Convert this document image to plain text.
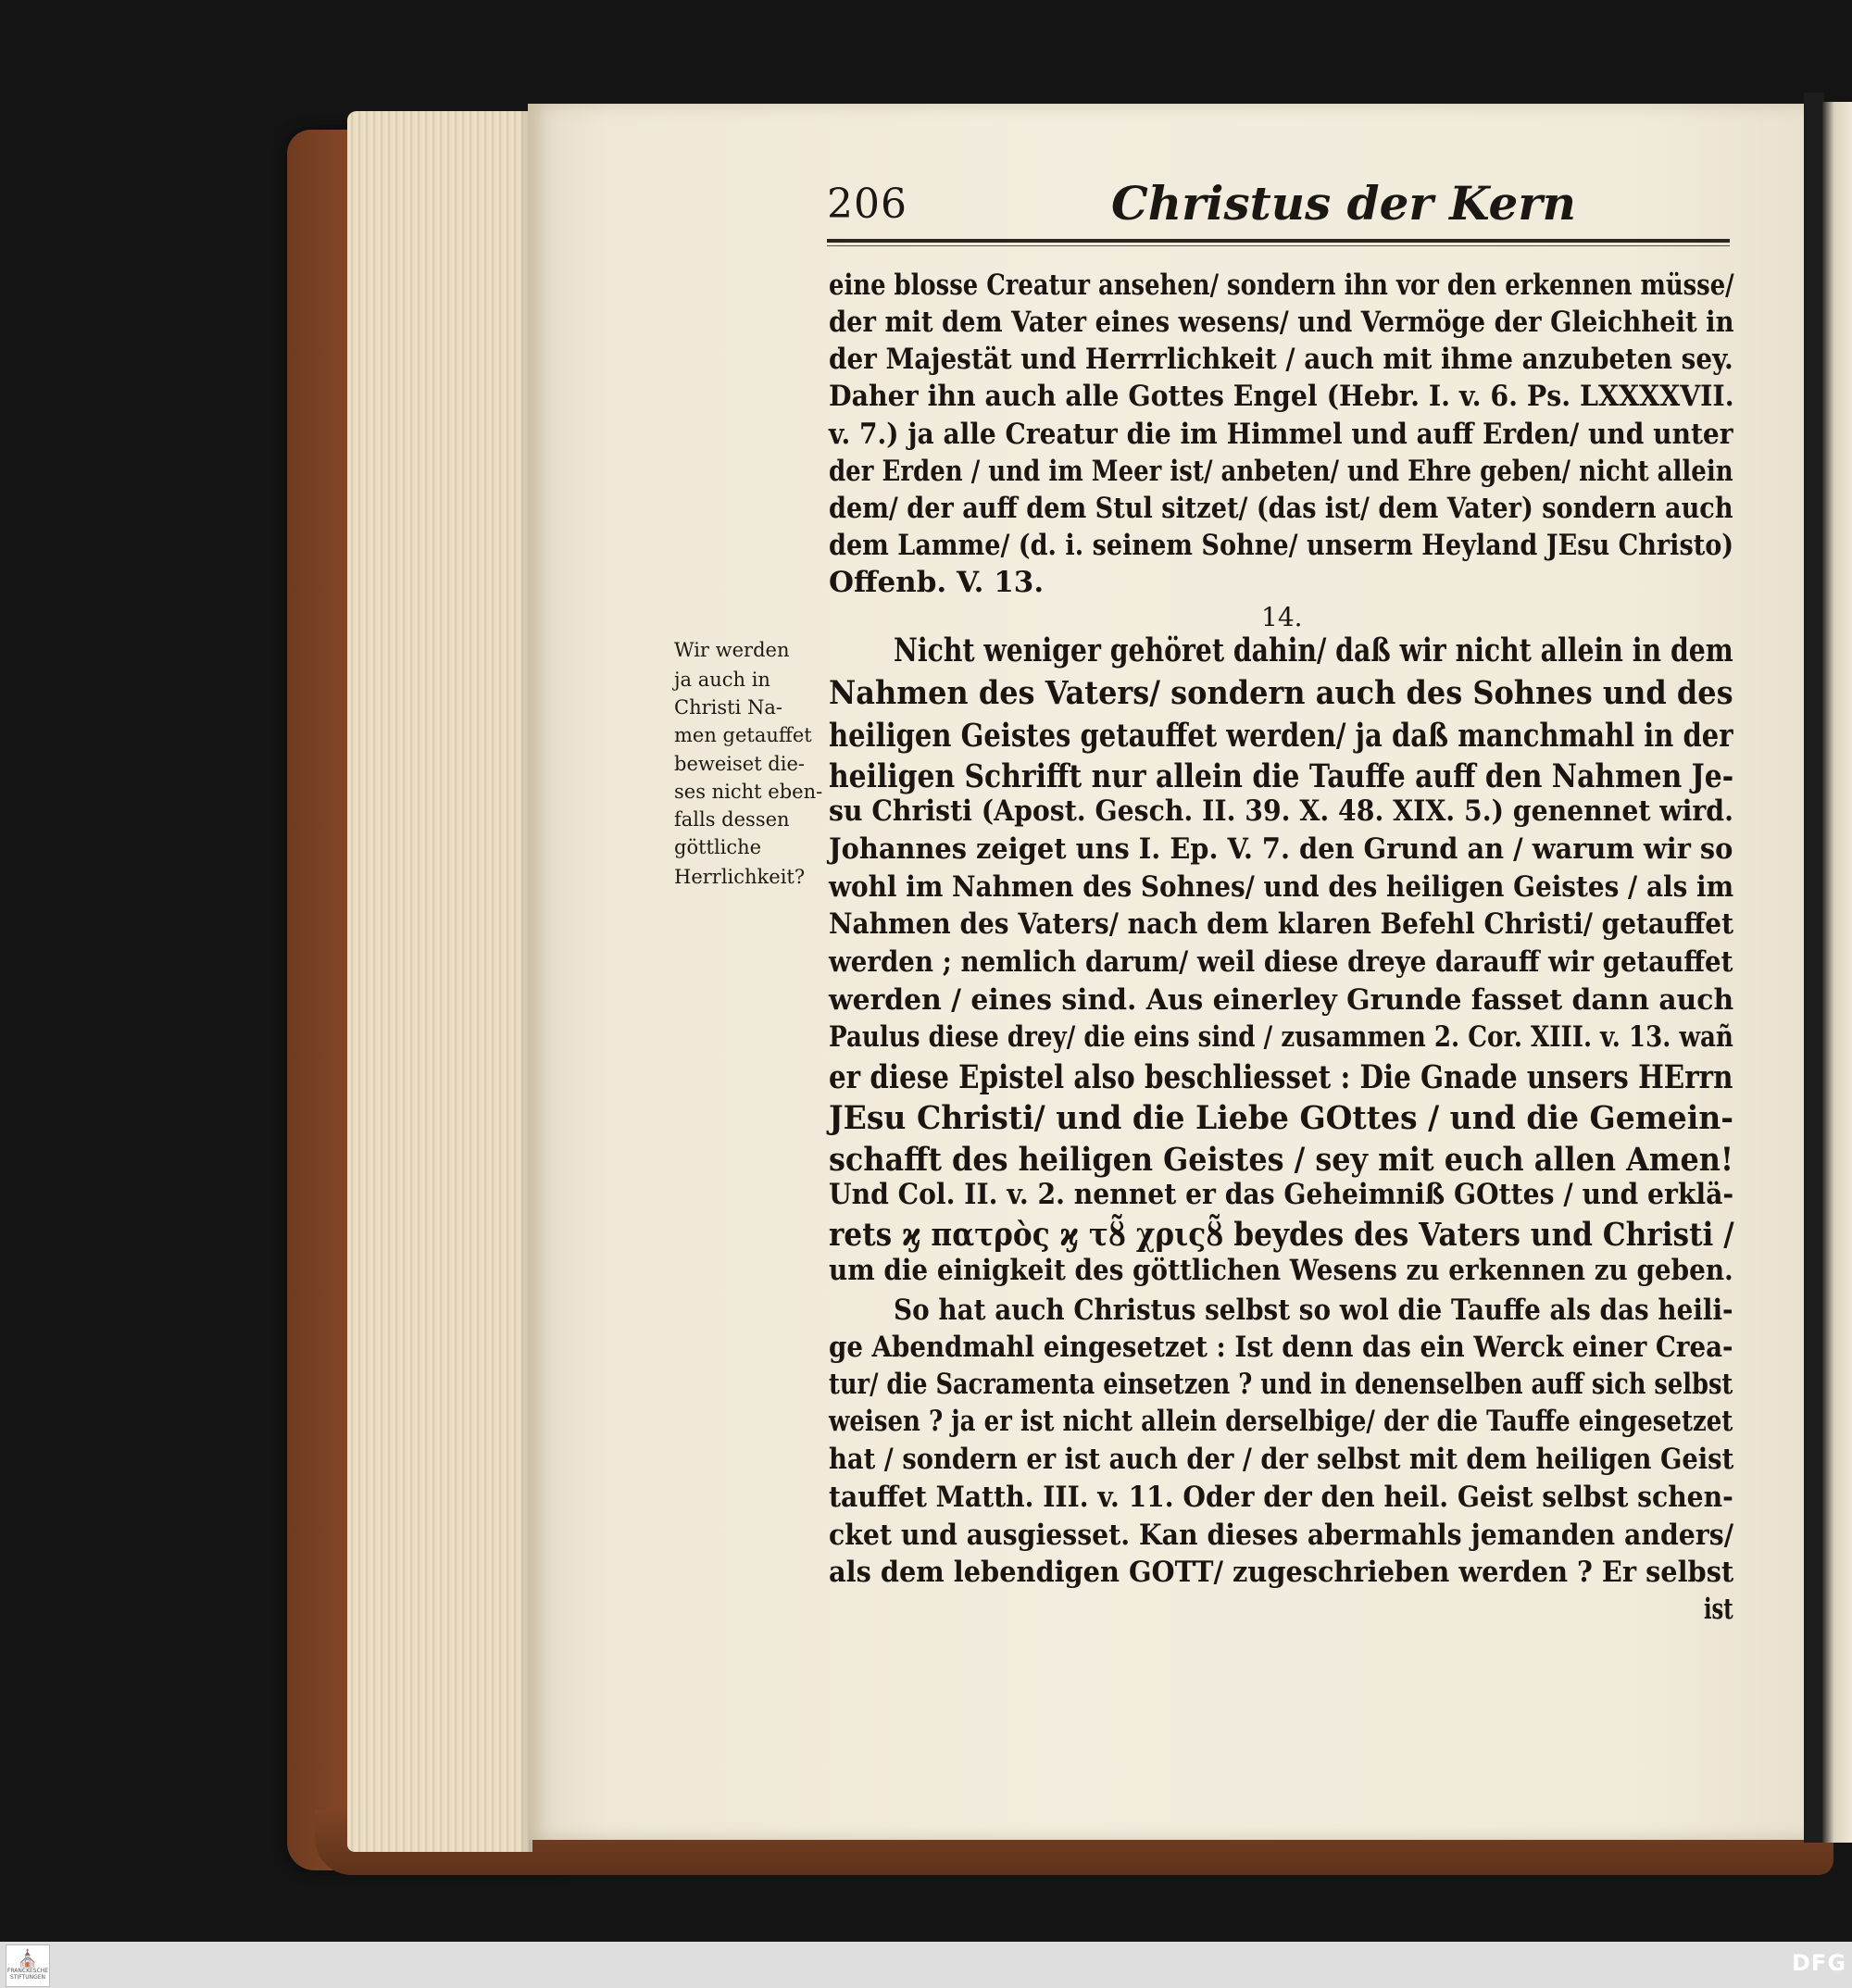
206	Christus der Kern
eine blosse Creatur ansehen/ sondern ihn vor den erkennen müsse/
der mit dem Vater eines wesens/ und Vermöge der Gleichheit in
der Majestät und Herrrlichkeit / auch mit ihme anzubeten sey.
Daher ihn auch alle Gottes Engel (Hebr. I. v. 6. Ps. LXXXXVII.
v. 7.) ja alle Creatur die im Himmel und auff Erden/ und unter
der Erden / und im Meer ist/ anbeten/ und Ehre geben/ nicht allein
dem/ der auff dem Stul sitzet/ (das ist/ dem Vater) sondern auch
dem Lamme/ (d. i. seinem Sohne/ unserm Heyland JEsu Christo)
Offenb. V. 13.
Nicht weniger gehöret dahin/ daß wir nicht allein in dem
Nahmen des Vaters/ sondern auch des Sohnes und des
heiligen Geistes getauffet werden/ ja daß manchmahl in der
heiligen Schrifft nur allein die Tauffe auff den Nahmen Je-
su Christi (Apost. Gesch. II. 39. X. 48. XIX. 5.) genennet wird.
Johannes zeiget uns I. Ep. V. 7. den Grund an / warum wir so
wohl im Nahmen des Sohnes/ und des heiligen Geistes / als im
Nahmen des Vaters/ nach dem klaren Befehl Christi/ getauffet
werden ; nemlich darum/ weil diese dreye darauff wir getauffet
werden / eines sind. Aus einerley Grunde fasset dann auch
Paulus diese drey/ die eins sind / zusammen 2. Cor. XIII. v. 13. wañ
er diese Epistel also beschliesset : Die Gnade unsers HErrn
JEsu Christi/ und die Liebe GOttes / und die Gemein-
schafft des heiligen Geistes / sey mit euch allen Amen!
Und Col. II. v. 2. nennet er das Geheimniß GOttes / und erklä-
rets ϗ πατρὸς ϗ τȣ̃ χριςȣ̃ beydes des Vaters und Christi /
um die einigkeit des göttlichen Wesens zu erkennen zu geben.
So hat auch Christus selbst so wol die Tauffe als das heili-
ge Abendmahl eingesetzet : Ist denn das ein Werck einer Crea-
tur/ die Sacramenta einsetzen ? und in denenselben auff sich selbst
weisen ? ja er ist nicht allein derselbige/ der die Tauffe eingesetzet
hat / sondern er ist auch der / der selbst mit dem heiligen Geist
tauffet Matth. III. v. 11. Oder der den heil. Geist selbst schen-
cket und ausgiesset. Kan dieses abermahls jemanden anders/
als dem lebendigen GOTT/ zugeschrieben werden ? Er selbst
ist
14.
Wir werden
ja auch in
Christi Na-
men getauffet
beweiset die-
ses nicht eben-
falls dessen
göttliche
Herrlichkeit?
⛪
FRANCKESCHE STIFTUNGEN
DFG
